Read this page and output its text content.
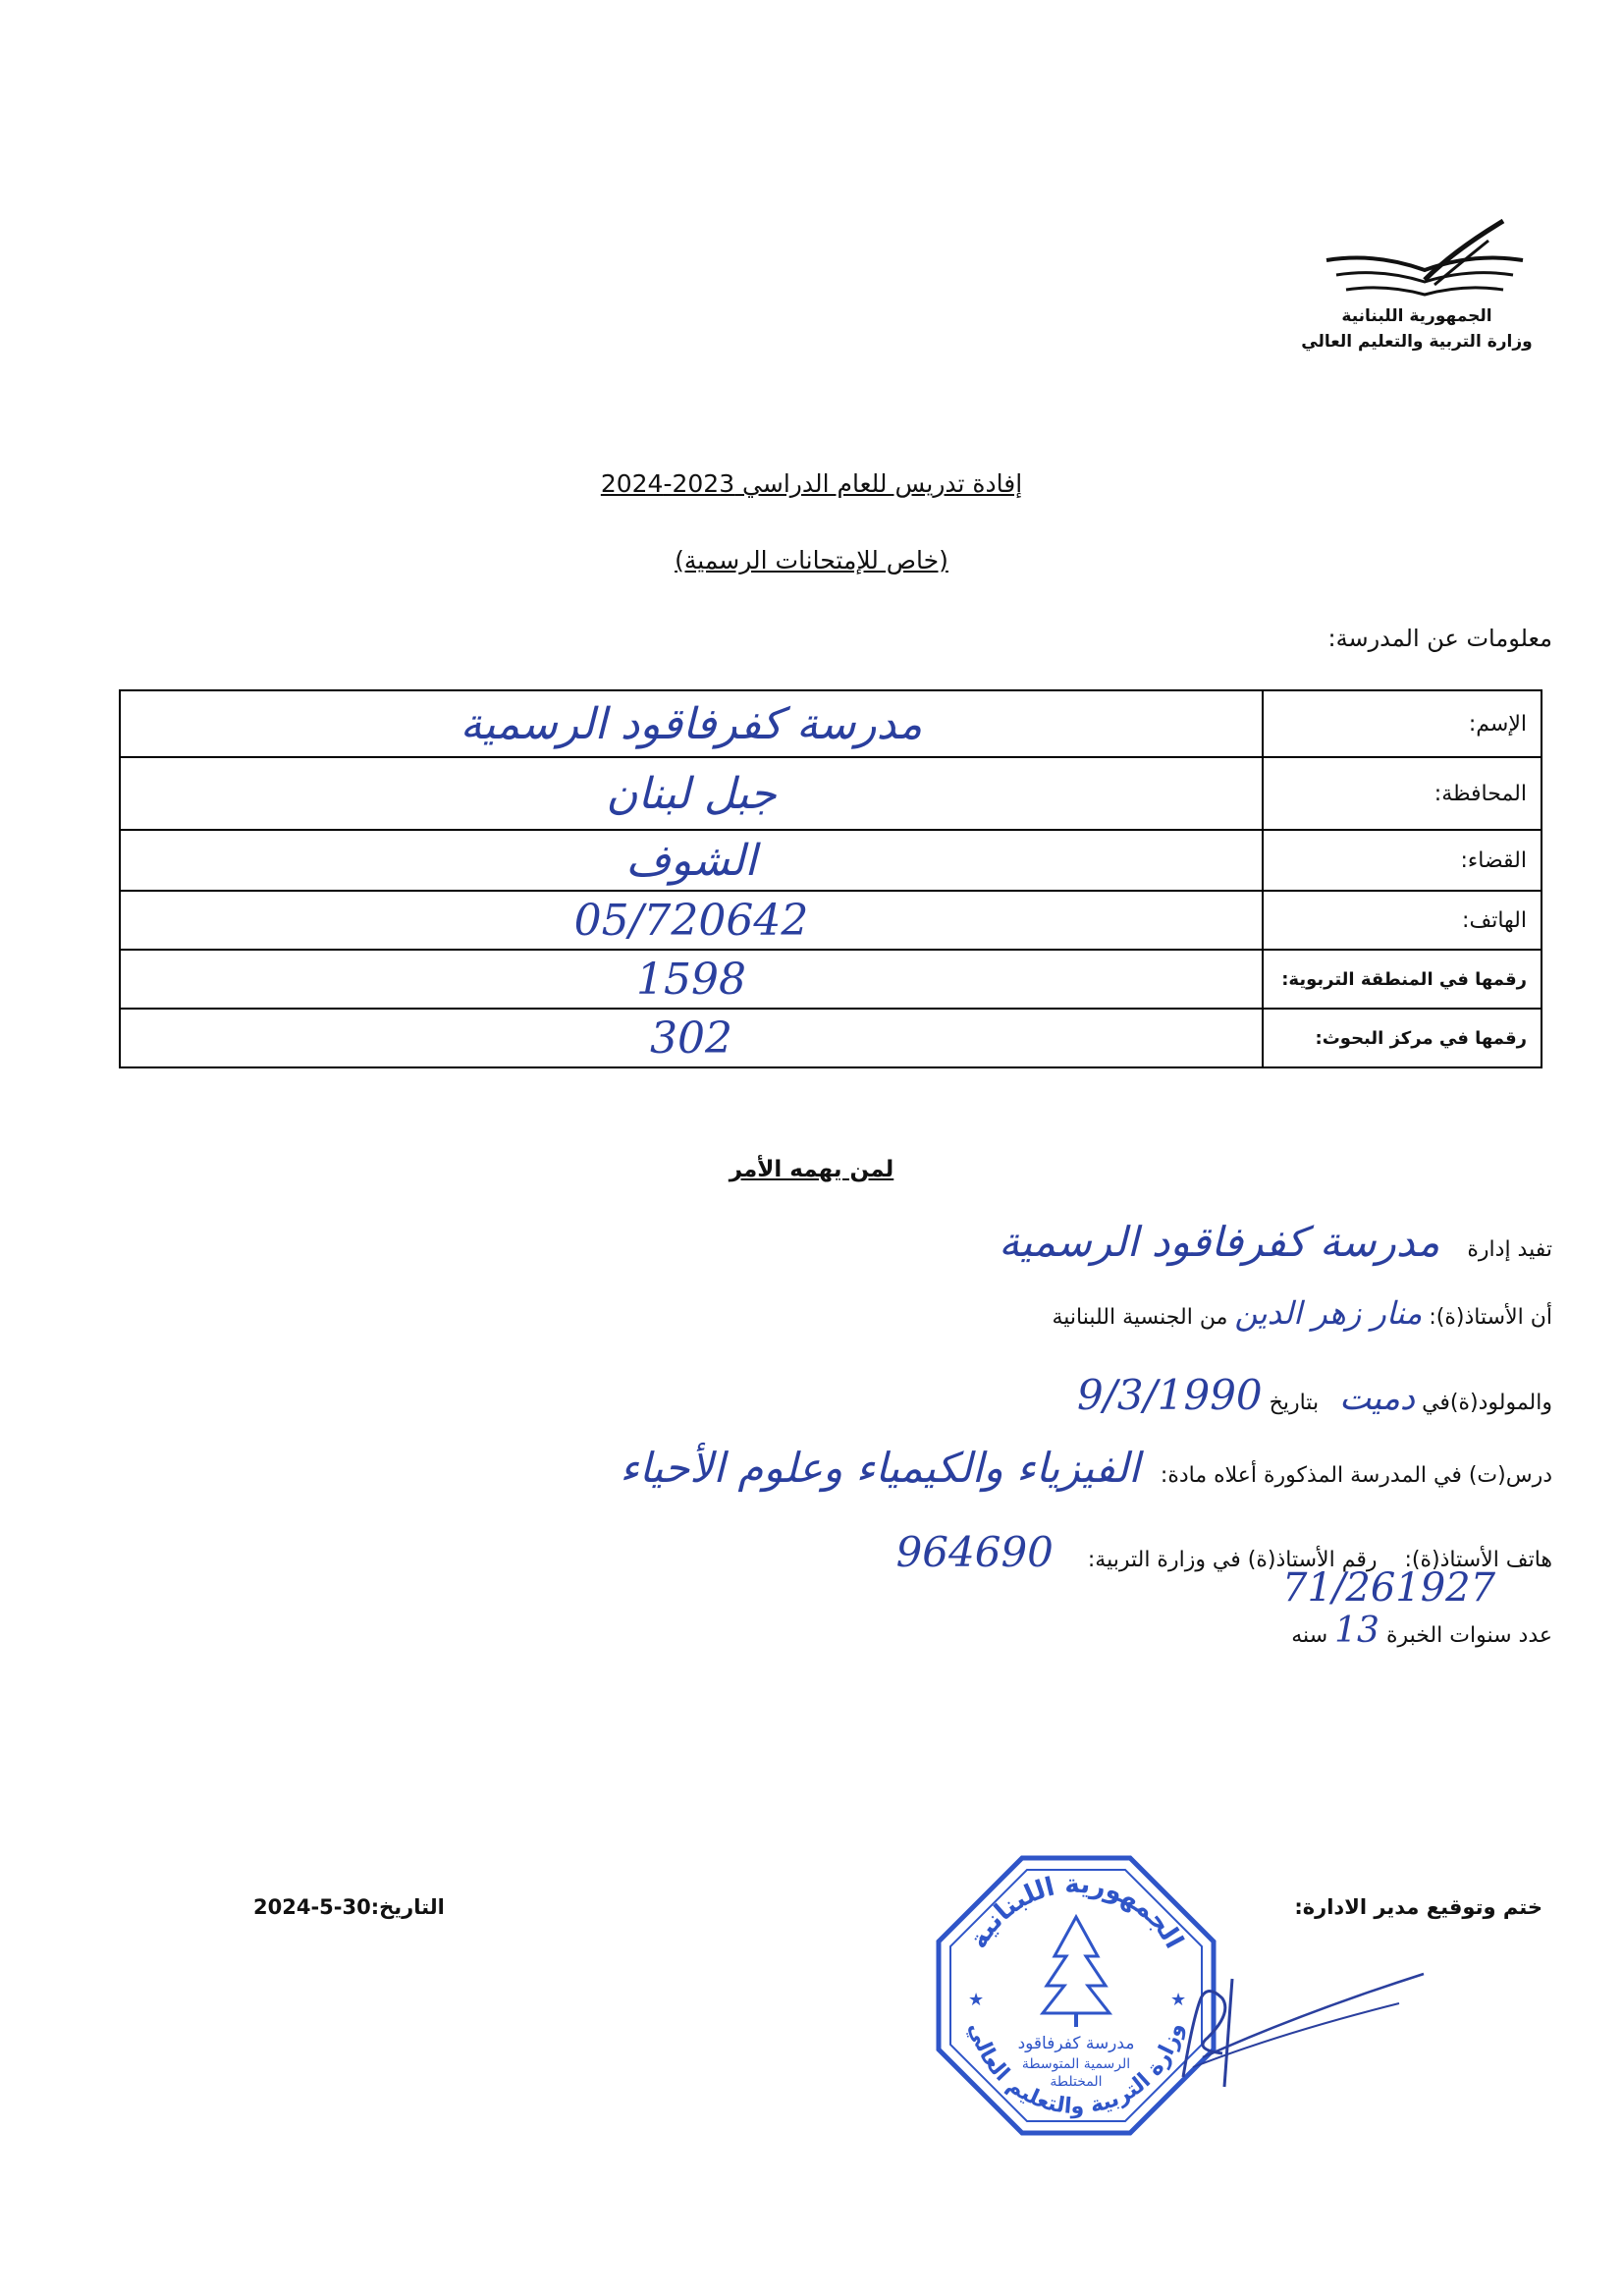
الجمهورية اللبنانية
وزارة التربية والتعليم العالي
إفادة تدريس للعام الدراسي 2023-2024
(خاص للإمتحانات الرسمية)
معلومات عن المدرسة:
الإسم:	مدرسة كفرفاقود الرسمية
المحافظة:	جبل لبنان
القضاء:	الشوف
الهاتف:	05/720642
رقمها في المنطقة التربوية:	1598
رقمها في مركز البحوث:	302
لمن يهمه الأمر
تفيد إدارة    مدرسة كفرفاقود الرسمية
أن الأستاذ(ة): منار زهر الدين من الجنسية اللبنانية
والمولود(ة)في دميت   بتاريخ 9/3/1990
درس(ت) في المدرسة المذكورة أعلاه مادة:   الفيزياء والكيمياء وعلوم الأحياء
هاتف الأستاذ(ة):    رقم الأستاذ(ة) في وزارة التربية:     964690
71/261927
عدد سنوات الخبرة 13 سنه
ختم وتوقيع مدير الادارة:
التاريخ:30-5-2024
الجمهورية اللبنانية
وزارة التربية والتعليم العالي
مدرسة كفرفاقود
الرسمية المتوسطة
المختلطة
★	★
